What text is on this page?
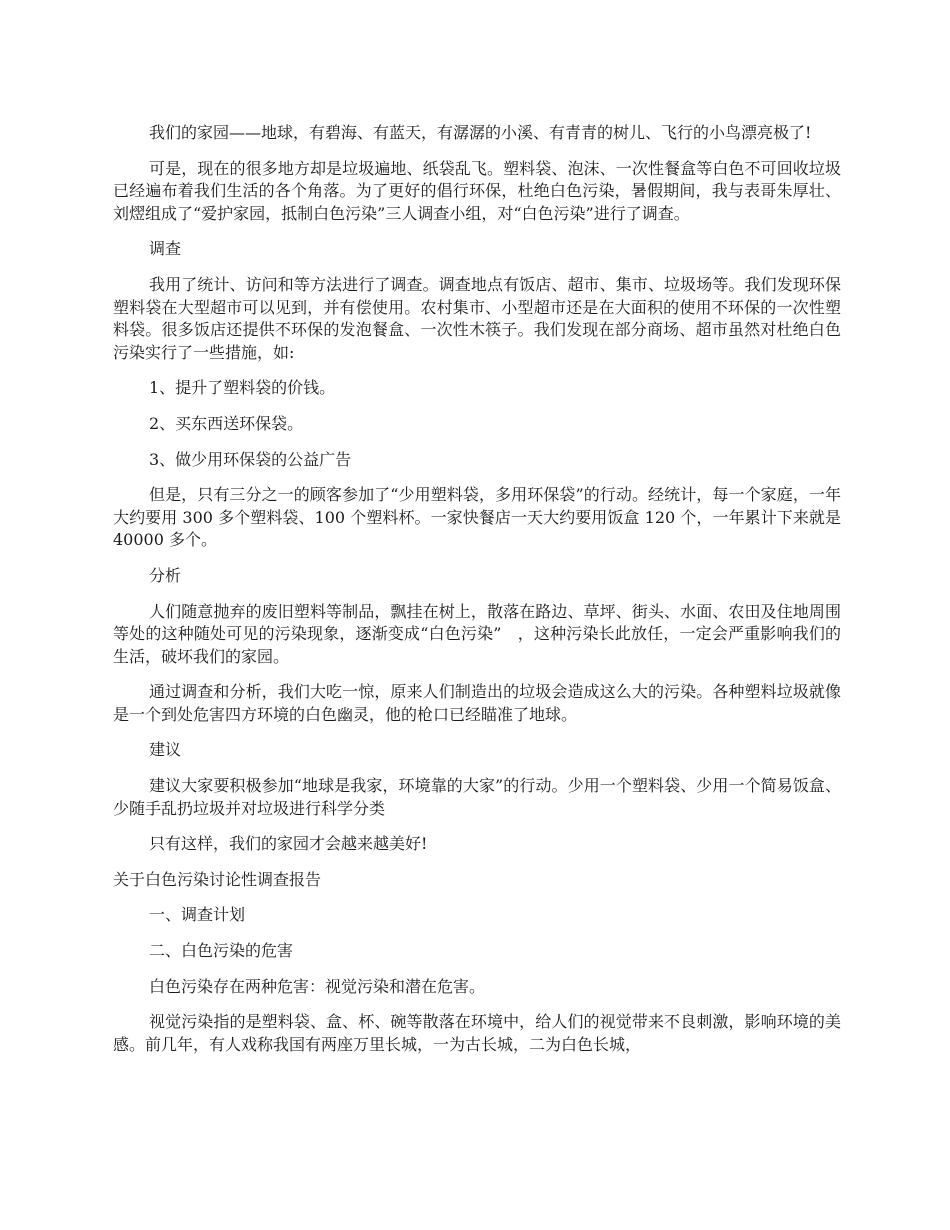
我们的家园——地球，有碧海、有蓝天，有潺潺的小溪、有青青的树儿、飞行的小鸟漂亮极了!

可是，现在的很多地方却是垃圾遍地、纸袋乱飞。塑料袋、泡沫、一次性餐盒等白色不可回收垃圾已经遍布着我们生活的各个角落。为了更好的倡行环保，杜绝白色污染，暑假期间，我与表哥朱厚壮、刘熤组成了“爱护家园，抵制白色污染”三人调查小组，对“白色污染”进行了调查。

调查

我用了统计、访问和等方法进行了调查。调查地点有饭店、超市、集市、垃圾场等。我们发现环保塑料袋在大型超市可以见到，并有偿使用。农村集市、小型超市还是在大面积的使用不环保的一次性塑料袋。很多饭店还提供不环保的发泡餐盒、一次性木筷子。我们发现在部分商场、超市虽然对杜绝白色污染实行了一些措施，如:

1、提升了塑料袋的价钱。

2、买东西送环保袋。

3、做少用环保袋的公益广告

但是，只有三分之一的顾客参加了“少用塑料袋，多用环保袋”的行动。经统计，每一个家庭，一年大约要用 300 多个塑料袋、100 个塑料杯。一家快餐店一天大约要用饭盒 120 个，一年累计下来就是 40000 多个。

分析

人们随意抛弃的废旧塑料等制品，飘挂在树上，散落在路边、草坪、街头、水面、农田及住地周围等处的这种随处可见的污染现象，逐渐变成“白色污染”　，这种污染长此放任，一定会严重影响我们的生活，破坏我们的家园。

通过调查和分析，我们大吃一惊，原来人们制造出的垃圾会造成这么大的污染。各种塑料垃圾就像是一个到处危害四方环境的白色幽灵，他的枪口已经瞄准了地球。

建议

建议大家要积极参加“地球是我家，环境靠的大家”的行动。少用一个塑料袋、少用一个简易饭盒、少随手乱扔垃圾并对垃圾进行科学分类

只有这样，我们的家园才会越来越美好!

关于白色污染讨论性调查报告

一、调查计划

二、白色污染的危害

白色污染存在两种危害：视觉污染和潜在危害。

视觉污染指的是塑料袋、盒、杯、碗等散落在环境中，给人们的视觉带来不良刺激，影响环境的美感。前几年，有人戏称我国有两座万里长城，一为古长城，二为白色长城，
